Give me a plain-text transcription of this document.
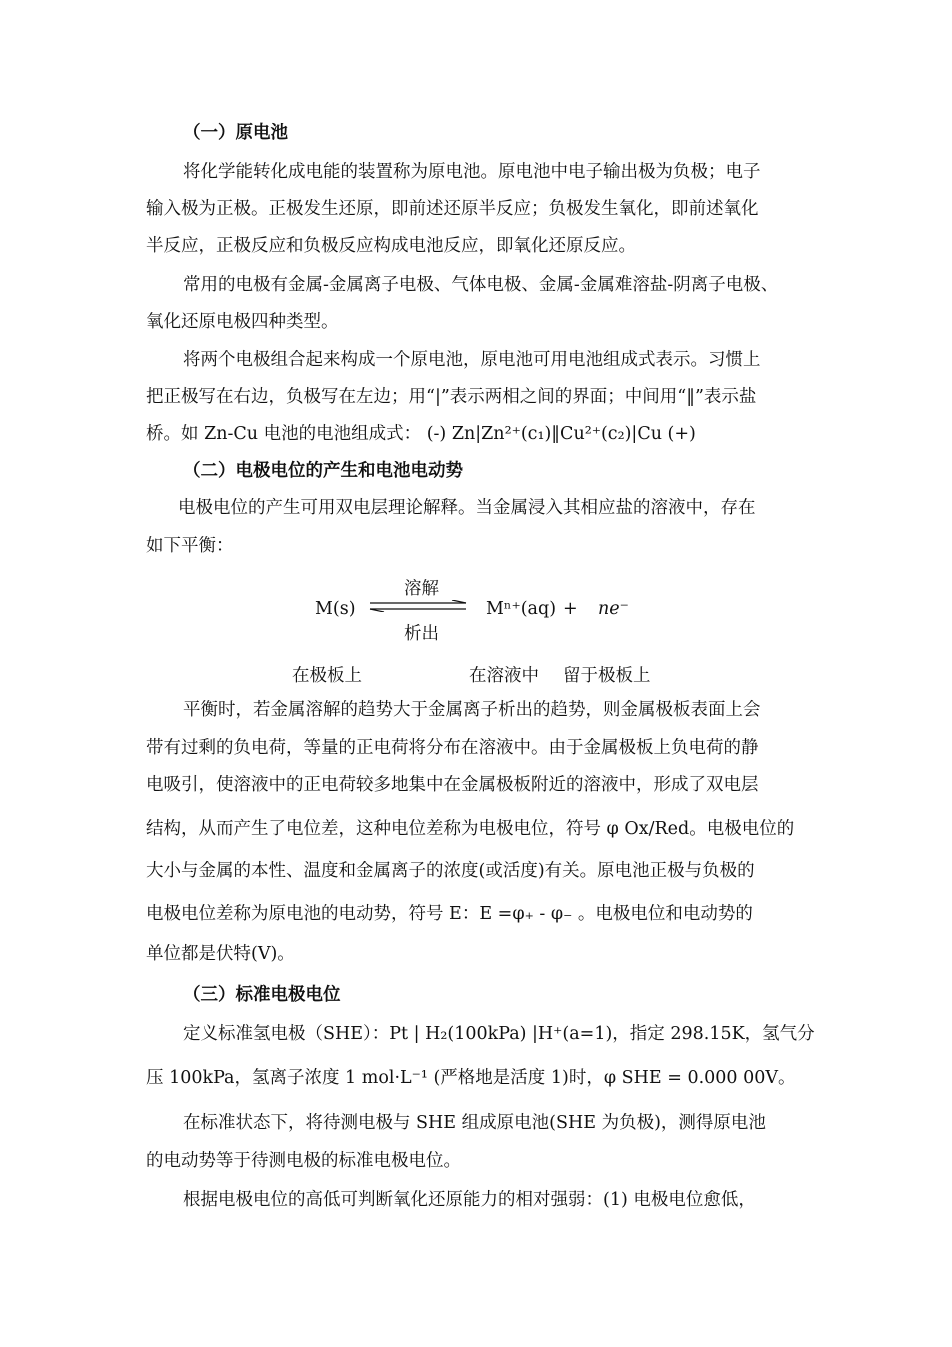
（一）原电池
将化学能转化成电能的装置称为原电池。原电池中电子输出极为负极；电子
输入极为正极。正极发生还原，即前述还原半反应；负极发生氧化，即前述氧化
半反应，正极反应和负极反应构成电池反应，即氧化还原反应。
常用的电极有金属-金属离子电极、气体电极、金属-金属难溶盐-阴离子电极、
氧化还原电极四种类型。
将两个电极组合起来构成一个原电池，原电池可用电池组成式表示。习惯上
把正极写在右边，负极写在左边；用“|”表示两相之间的界面；中间用“‖”表示盐
桥。如 Zn-Cu 电池的电池组成式： (-) Zn|Zn²⁺(c₁)‖Cu²⁺(c₂)|Cu (+)
（二）电极电位的产生和电池电动势
电极电位的产生可用双电层理论解释。当金属浸入其相应盐的溶液中，存在
如下平衡：
M(s)
溶解
析出
Mⁿ⁺(aq) + ne⁻
在极板上	在溶液中 留于极板上
平衡时，若金属溶解的趋势大于金属离子析出的趋势，则金属极板表面上会
带有过剩的负电荷，等量的正电荷将分布在溶液中。由于金属极板上负电荷的静
电吸引，使溶液中的正电荷较多地集中在金属极板附近的溶液中，形成了双电层
结构，从而产生了电位差，这种电位差称为电极电位，符号 φ Ox/Red。电极电位的
大小与金属的本性、温度和金属离子的浓度(或活度)有关。原电池正极与负极的
电极电位差称为原电池的电动势，符号 E：E =φ₊ - φ₋ 。电极电位和电动势的
单位都是伏特(V)。
（三）标准电极电位
定义标准氢电极（SHE）：Pt | H₂(100kPa) |H⁺(a=1)，指定 298.15K，氢气分
压 100kPa，氢离子浓度 1 mol·L⁻¹ (严格地是活度 1)时，φ SHE = 0.000 00V。
在标准状态下，将待测电极与 SHE 组成原电池(SHE 为负极)，测得原电池
的电动势等于待测电极的标准电极电位。
根据电极电位的高低可判断氧化还原能力的相对强弱：(1) 电极电位愈低，
